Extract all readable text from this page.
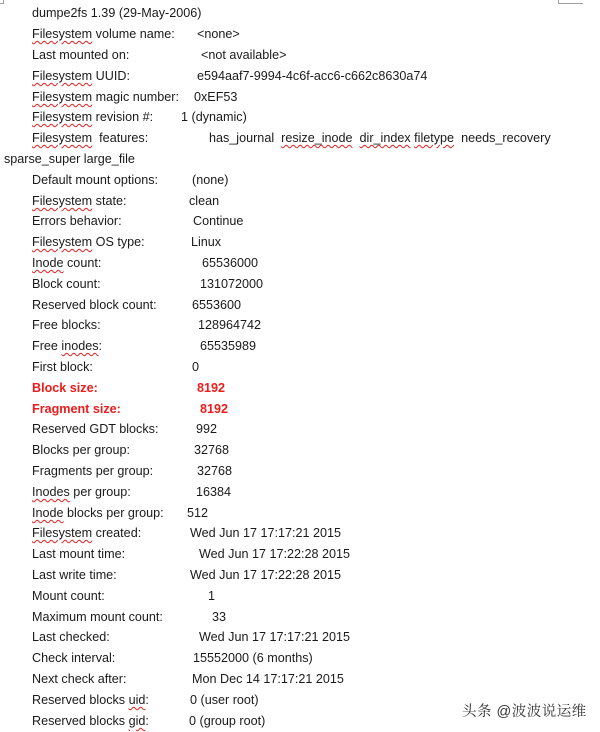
dumpe2fs 1.39 (29-May-2006)
Filesystem volume name: <none>
Last mounted on:	<not available>
Filesystem UUID:	e594aaf7-9994-4c6f-acc6-c662c8630a74
Filesystem magic number: 0xEF53
Filesystem revision #: 1 (dynamic)
Filesystem  features:	has_journal resize_inode dir_index filetype needs_recovery
sparse_super large_file
Default mount options:	(none)
Filesystem state:	clean
Errors behavior:	Continue
Filesystem OS type:	Linux
Inode count:	65536000
Block count:	131072000
Reserved block count:	6553600
Free blocks:	128964742
Free inodes:	65535989
First block:	0
Block size:	8192
Fragment size:	8192
Reserved GDT blocks:	992
Blocks per group:	32768
Fragments per group:	32768
Inodes per group:	16384
Inode blocks per group: 512
Filesystem created:	Wed Jun 17 17:17:21 2015
Last mount time:	Wed Jun 17 17:22:28 2015
Last write time:	Wed Jun 17 17:22:28 2015
Mount count:	1
Maximum mount count:	33
Last checked:	Wed Jun 17 17:17:21 2015
Check interval:	15552000 (6 months)
Next check after:	Mon Dec 14 17:17:21 2015
Reserved blocks uid:	0 (user root)
Reserved blocks gid:	0 (group root)
头条 @波波说运维
